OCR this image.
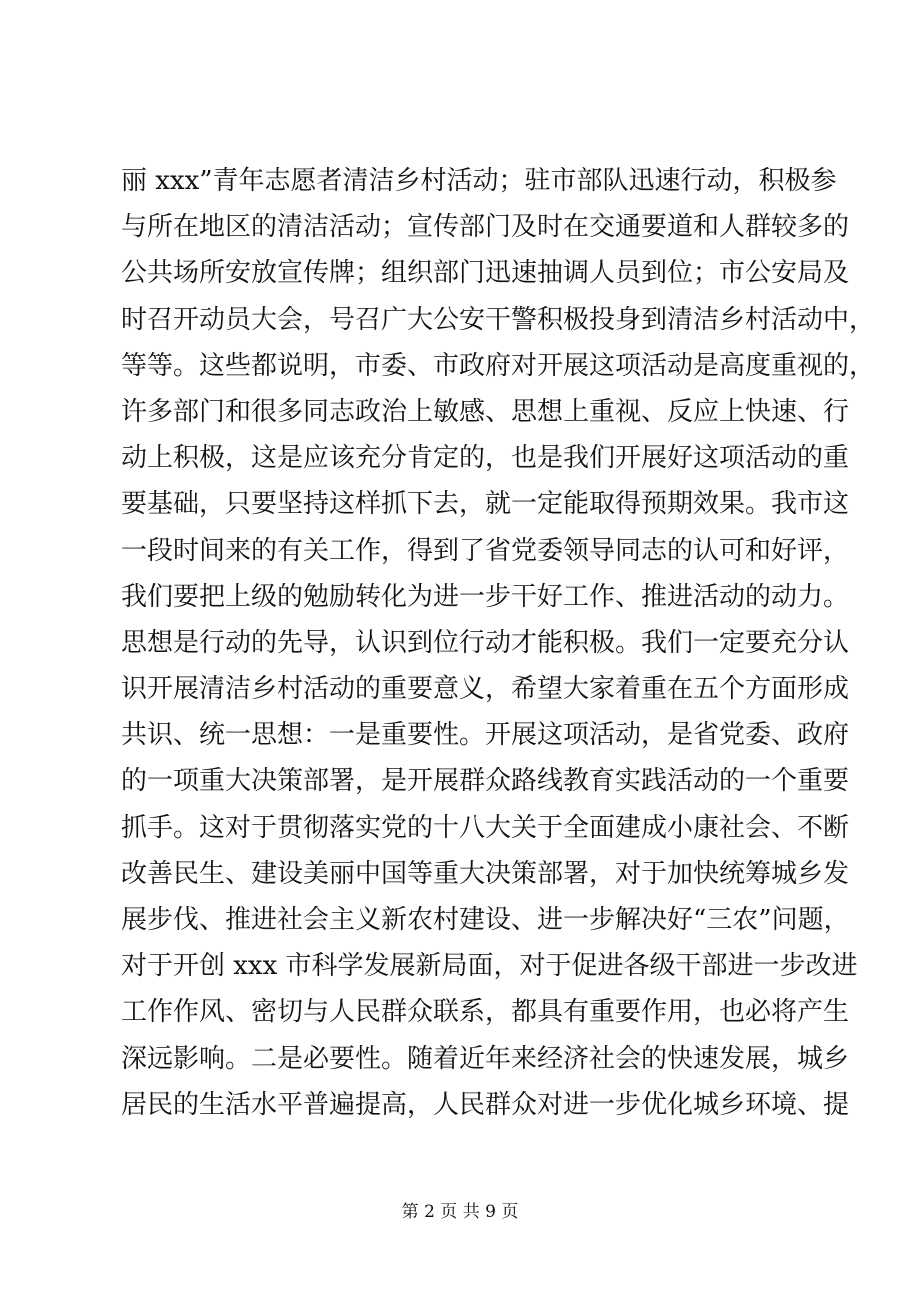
丽 xxx”青年志愿者清洁乡村活动；驻市部队迅速行动，积极参
与所在地区的清洁活动；宣传部门及时在交通要道和人群较多的
公共场所安放宣传牌；组织部门迅速抽调人员到位；市公安局及
时召开动员大会，号召广大公安干警积极投身到清洁乡村活动中，
等等。这些都说明，市委、市政府对开展这项活动是高度重视的，
许多部门和很多同志政治上敏感、思想上重视、反应上快速、行
动上积极，这是应该充分肯定的，也是我们开展好这项活动的重
要基础，只要坚持这样抓下去，就一定能取得预期效果。我市这
一段时间来的有关工作，得到了省党委领导同志的认可和好评，
我们要把上级的勉励转化为进一步干好工作、推进活动的动力。
思想是行动的先导，认识到位行动才能积极。我们一定要充分认
识开展清洁乡村活动的重要意义，希望大家着重在五个方面形成
共识、统一思想：一是重要性。开展这项活动，是省党委、政府
的一项重大决策部署，是开展群众路线教育实践活动的一个重要
抓手。这对于贯彻落实党的十八大关于全面建成小康社会、不断
改善民生、建设美丽中国等重大决策部署，对于加快统筹城乡发
展步伐、推进社会主义新农村建设、进一步解决好“三农”问题，
对于开创 xxx 市科学发展新局面，对于促进各级干部进一步改进
工作作风、密切与人民群众联系，都具有重要作用，也必将产生
深远影响。二是必要性。随着近年来经济社会的快速发展，城乡
居民的生活水平普遍提高，人民群众对进一步优化城乡环境、提
第 2 页 共 9 页
